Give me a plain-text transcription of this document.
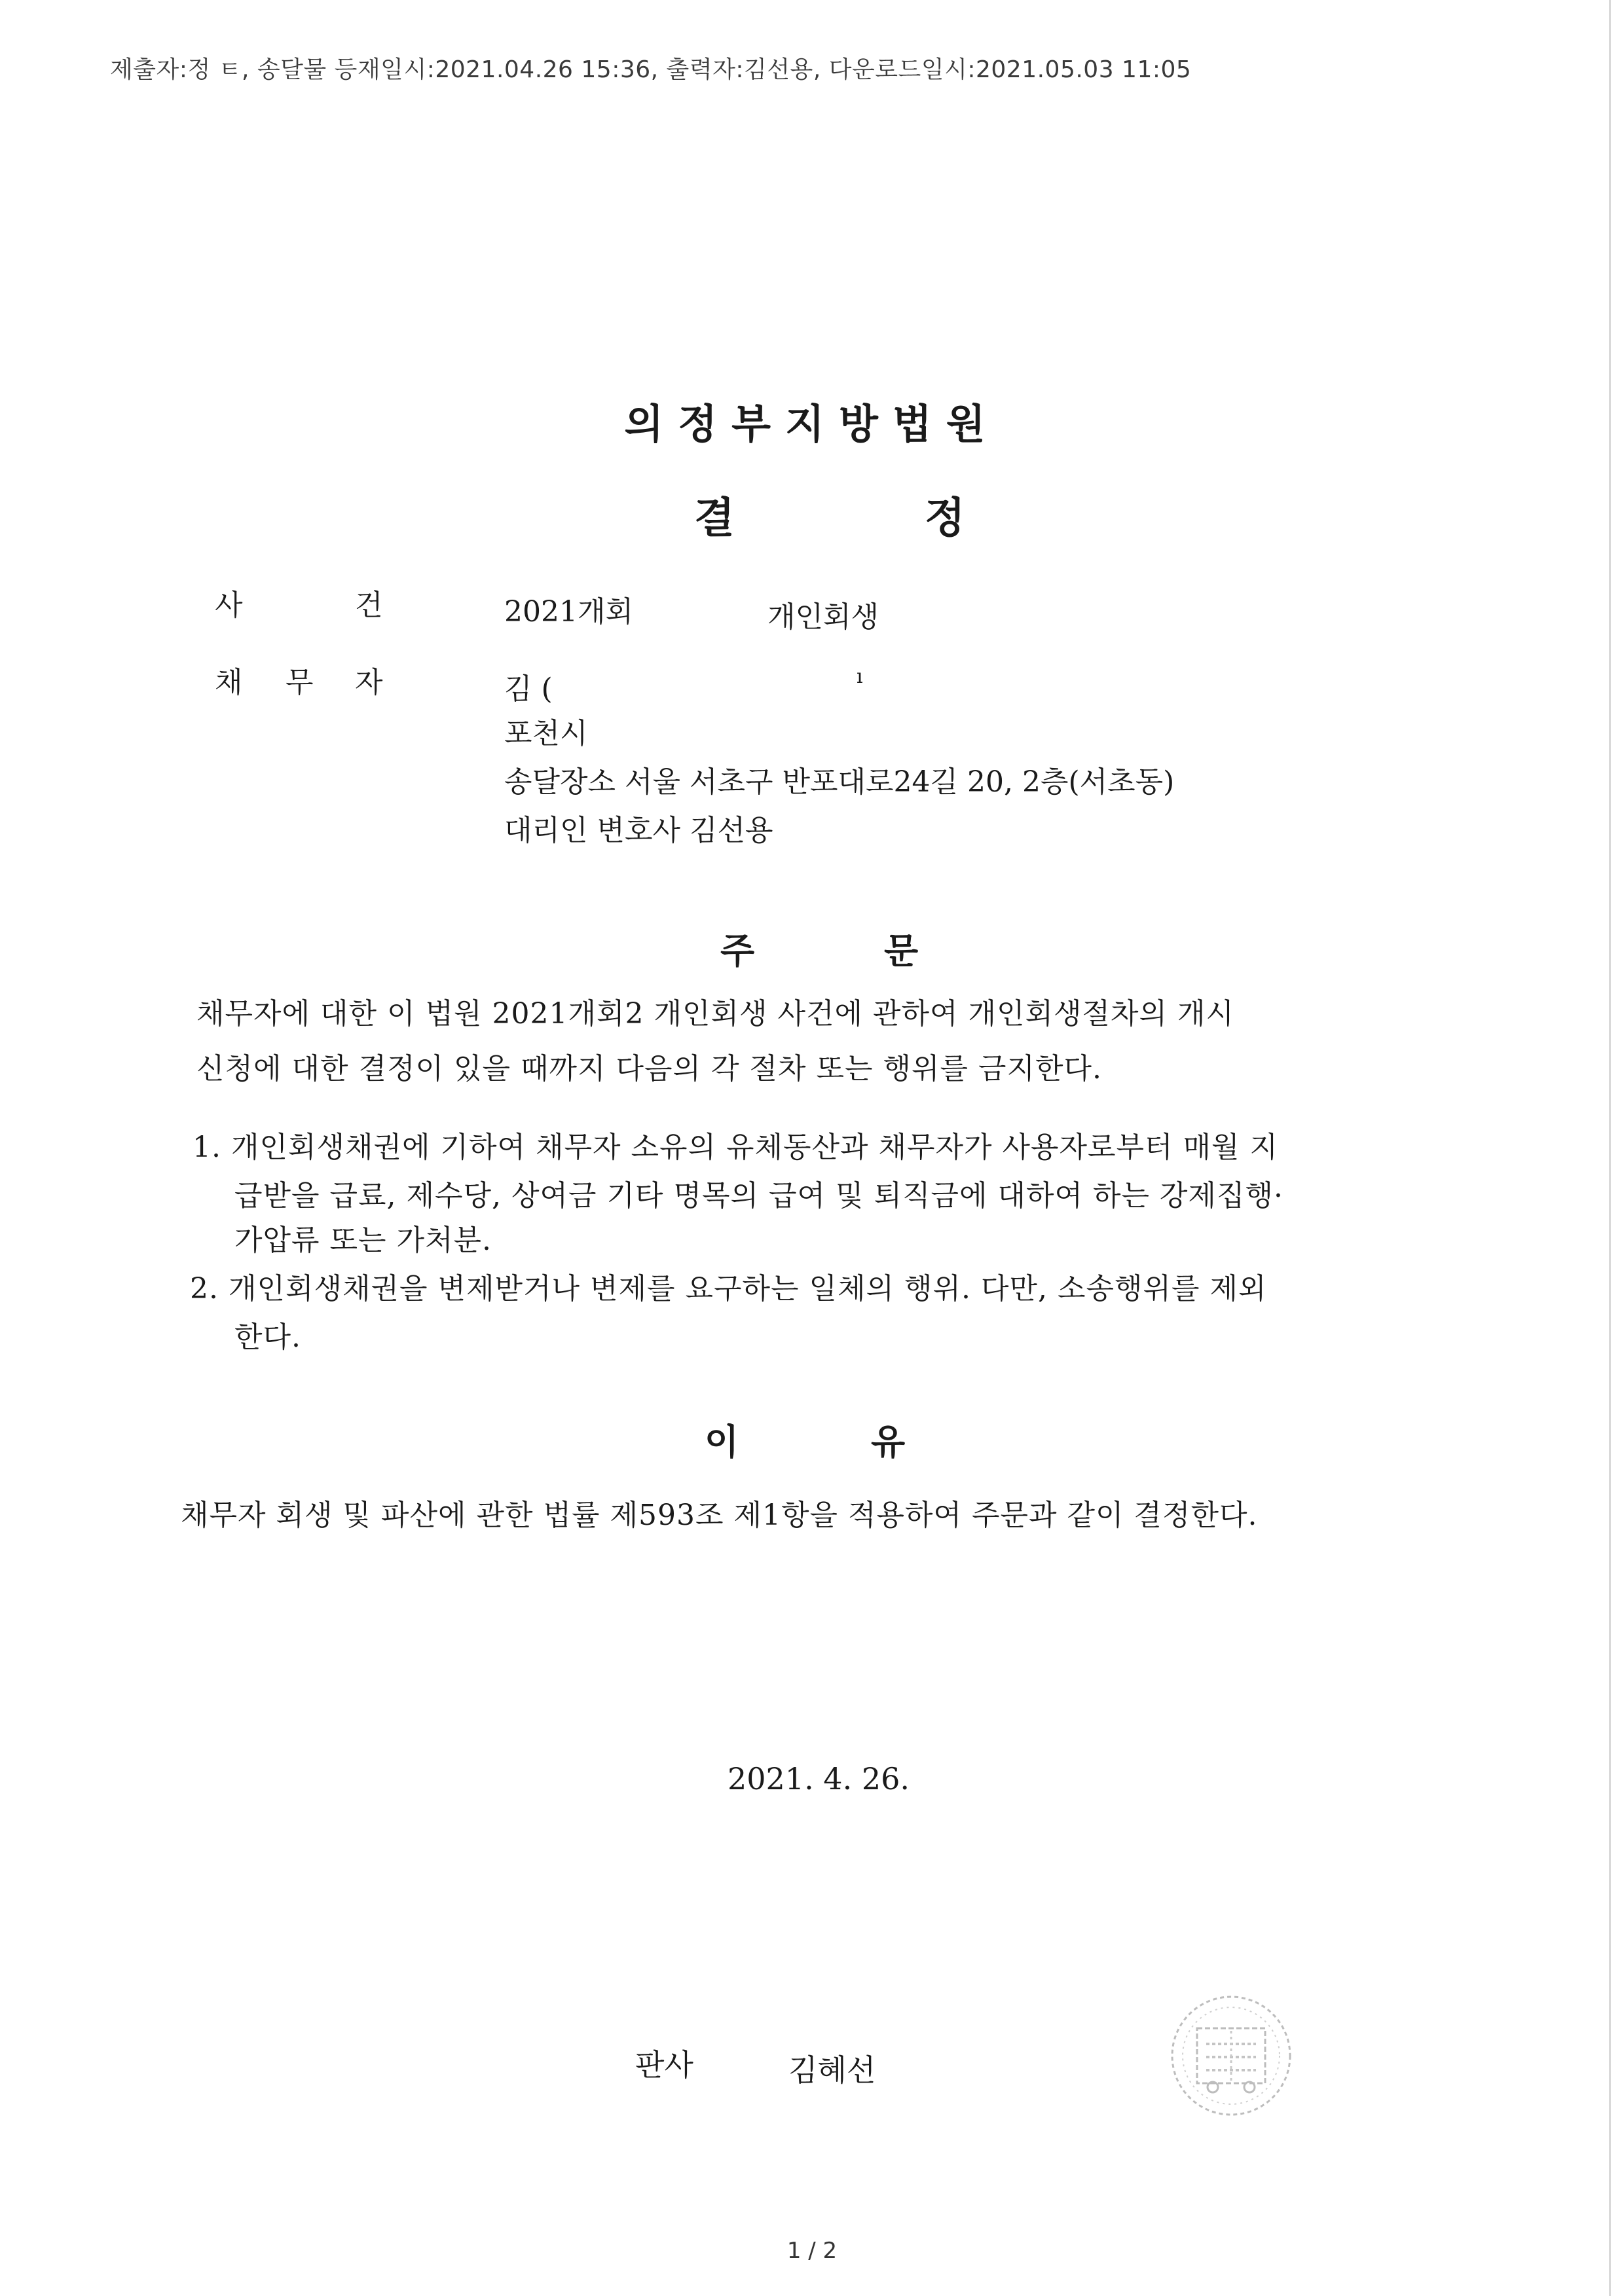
제출자:정 ㅌ, 송달물 등재일시:2021.04.26 15:36, 출력자:김선용, 다운로드일시:2021.05.03 11:05
의정부지방법원
결	정
사	건	2021개회	개인회생
채 무 자	김 (	ı
포천시
송달장소 서울 서초구 반포대로24길 20, 2층(서초동)
대리인 변호사 김선용
주	문
채무자에 대한 이 법원 2021개회2 개인회생 사건에 관하여 개인회생절차의 개시
신청에 대한 결정이 있을 때까지 다음의 각 절차 또는 행위를 금지한다.
1. 개인회생채권에 기하여 채무자 소유의 유체동산과 채무자가 사용자로부터 매월 지
급받을 급료, 제수당, 상여금 기타 명목의 급여 및 퇴직금에 대하여 하는 강제집행·
가압류 또는 가처분.
2. 개인회생채권을 변제받거나 변제를 요구하는 일체의 행위. 다만, 소송행위를 제외
한다.
이	유
채무자 회생 및 파산에 관한 법률 제593조 제1항을 적용하여 주문과 같이 결정한다.
2021. 4. 26.
판사	김혜선
1 / 2
